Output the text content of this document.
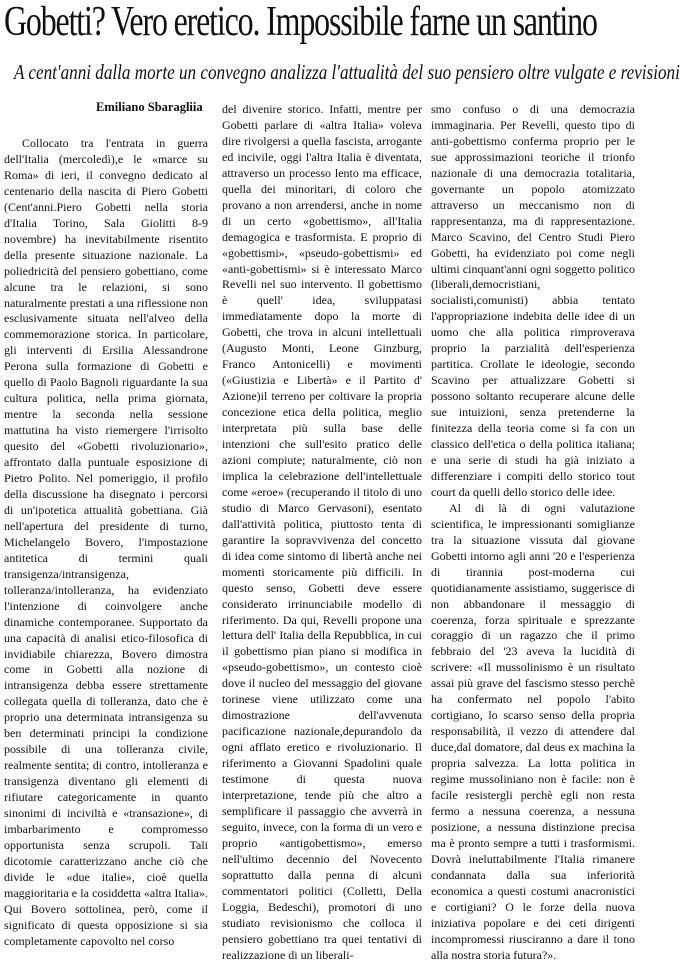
Gobetti? Vero eretico. Impossibile farne un santino
A cent'anni dalla morte un convegno analizza l'attualità del suo pensiero oltre vulgate e revisioni
Emiliano Sbaragliia

Collocato tra l'entrata in guerra dell'Italia (mercoledì),e le «marce su Roma» di ieri, il convegno dedicato al centenario della nascita di Piero Gobetti (Cent'anni.Piero Gobetti nella storia d'Italia Torino, Sala Giolitti 8-9 novembre) ha inevitabilmente risentito della presente situazione nazionale. La poliedricità del pensiero gobettiano, come alcune tra le relazioni, si sono naturalmente prestati a una riflessione non esclusivamente situata nell'alveo della commemorazione storica. In particolare, gli interventi di Ersilia Alessandrone Perona sulla formazione di Gobetti e quello di Paolo Bagnoli riguardante la sua cultura politica, nella prima giornata, mentre la seconda nella sessione mattutina ha visto riemergere l'irrisolto quesito del «Gobetti rivoluzionario», affrontato dalla puntuale esposizione di Pietro Polito. Nel pomeriggio, il profilo della discussione ha disegnato i percorsi di un'ipotetica attualità gobettiana. Già nell'apertura del presidente di turno, Michelangelo Bovero, l'impostazione antitetica di termini quali transigenza/intransigenza, tolleranza/intolleranza, ha evidenziato l'intenzione di coinvolgere anche dinamiche contemporanee. Supportato da una capacità di analisi etico-filosofica di invidiabile chiarezza, Bovero dimostra come in Gobetti alla nozione di intransigenza debba essere strettamente collegata quella di tolleranza, dato che è proprio una determinata intransigenza su ben determinati principi la condizione possibile di una tolleranza civile, realmente sentita; di contro, intolleranza e transigenza diventano gli elementi di rifiutare categoricamente in quanto sinonimi di inciviltà e «transazione», di imbarbarimento e compromesso opportunista senza scrupoli. Tali dicotomie caratterizzano anche ciò che divide le «due italie», cioè quella maggioritaria e la cosiddetta «altra Italia». Qui Bovero sottolinea, però, come il significato di questa opposizione si sia completamente capovolto nel corso

del divenire storico. Infatti, mentre per Gobetti parlare di «altra Italia» voleva dire rivolgersi a quella fascista, arrogante ed incivile, oggi l'altra Italia è diventata, attraverso un processo lento ma efficace, quella dei minoritari, di coloro che provano a non arrendersi, anche in nome di un certo «gobettismo», all'Italia demagogica e trasformista. E proprio di «gobettismi», «pseudo-gobettismi» ed «anti-gobettismi» si è interessato Marco Revelli nel suo intervento. Il gobettismo è quell' idea, sviluppatasi immediatamente dopo la morte di Gobetti, che trova in alcuni intellettuali (Augusto Monti, Leone Ginzburg, Franco Antonicelli) e movimenti («Giustizia e Libertà» e il Partito d' Azione)il terreno per coltivare la propria concezione etica della politica, meglio interpretata più sulla base delle intenzioni che sull'esito pratico delle azioni compiute; naturalmente, ciò non implica la celebrazione dell'intellettuale come «eroe» (recuperando il titolo di uno studio di Marco Gervasoni), esentato dall'attività politica, piuttosto tenta di garantire la sopravvivenza del concetto di idea come sintomo di libertà anche nei momenti storicamente più difficili. In questo senso, Gobetti deve essere considerato irrinunciabile modello di riferimento. Da qui, Revelli propone una lettura dell' Italia della Repubblica, in cui il gobettismo pian piano si modifica in «pseudo-gobettismo», un contesto cioè dove il nucleo del messaggio del giovane torinese viene utilizzato come una dimostrazione dell'avvenuta pacificazione nazionale,depurandolo da ogni afflato eretico e rivoluzionario. Il riferimento a Giovanni Spadolini quale testimone di questa nuova interpretazione, tende più che altro a semplificare il passaggio che avverrà in seguito, invece, con la forma di un vero e proprio «antigobettismo», emerso nell'ultimo decennio del Novecento soprattutto dalla penna di alcuni commentatori politici (Colletti, Della Loggia, Bedeschi), promotori di uno studiato revisionismo che colloca il pensiero gobettiano tra quei tentativi di realizzazione di un liberali-

smo confuso o di una democrazia immaginaria. Per Revelli, questo tipo di anti-gobettismo conferma proprio per le sue approssimazioni teoriche il trionfo nazionale di una democrazia totalitaria, governante un popolo atomizzato attraverso un meccanismo non di rappresentanza, ma di rappresentazione. Marco Scavino, del Centro Studi Piero Gobetti, ha evidenziato poi come negli ultimi cinquant'anni ogni soggetto politico (liberali,democristiani, socialisti,comunisti) abbia tentato l'appropriazione indebita delle idee di un uomo che alla politica rimproverava proprio la parzialità dell'esperienza partitica. Crollate le ideologie, secondo Scavino per attualizzare Gobetti si possono soltanto recuperare alcune delle sue intuizioni, senza pretenderne la finitezza della teoria come si fa con un classico dell'etica o della politica italiana; e una serie di studi ha già iniziato a differenziare i compiti dello storico tout court da quelli dello storico delle idee.

Al di là di ogni valutazione scientifica, le impressionanti somiglianze tra la situazione vissuta dal giovane Gobetti intorno agli anni '20 e l'esperienza di tirannia post-moderna cui quotidianamente assistiamo, suggerisce di non abbandonare il messaggio di coerenza, forza spirituale e sprezzante coraggio di un ragazzo che il primo febbraio del '23 aveva la lucidità di scrivere: «Il mussolinismo è un risultato assai più grave del fascismo stesso perchè ha confermato nel popolo l'abito cortigiano, lo scarso senso della propria responsabilità, il vezzo di attendere dal duce,dal domatore, dal deus ex machina la propria salvezza. La lotta politica in regime mussoliniano non è facile: non è facile resistergli perchè egli non resta fermo a nessuna coerenza, a nessuna posizione, a nessuna distinzione precisa ma è pronto sempre a tutti i trasformismi. Dovrà ineluttabilmente l'Italia rimanere condannata dalla sua inferiorità economica a questi costumi anacronistici e cortigiani? O le forze della nuova iniziativa popolare e dei ceti dirigenti incompromessi riusciranno a dare il tono alla nostra storia futura?».
